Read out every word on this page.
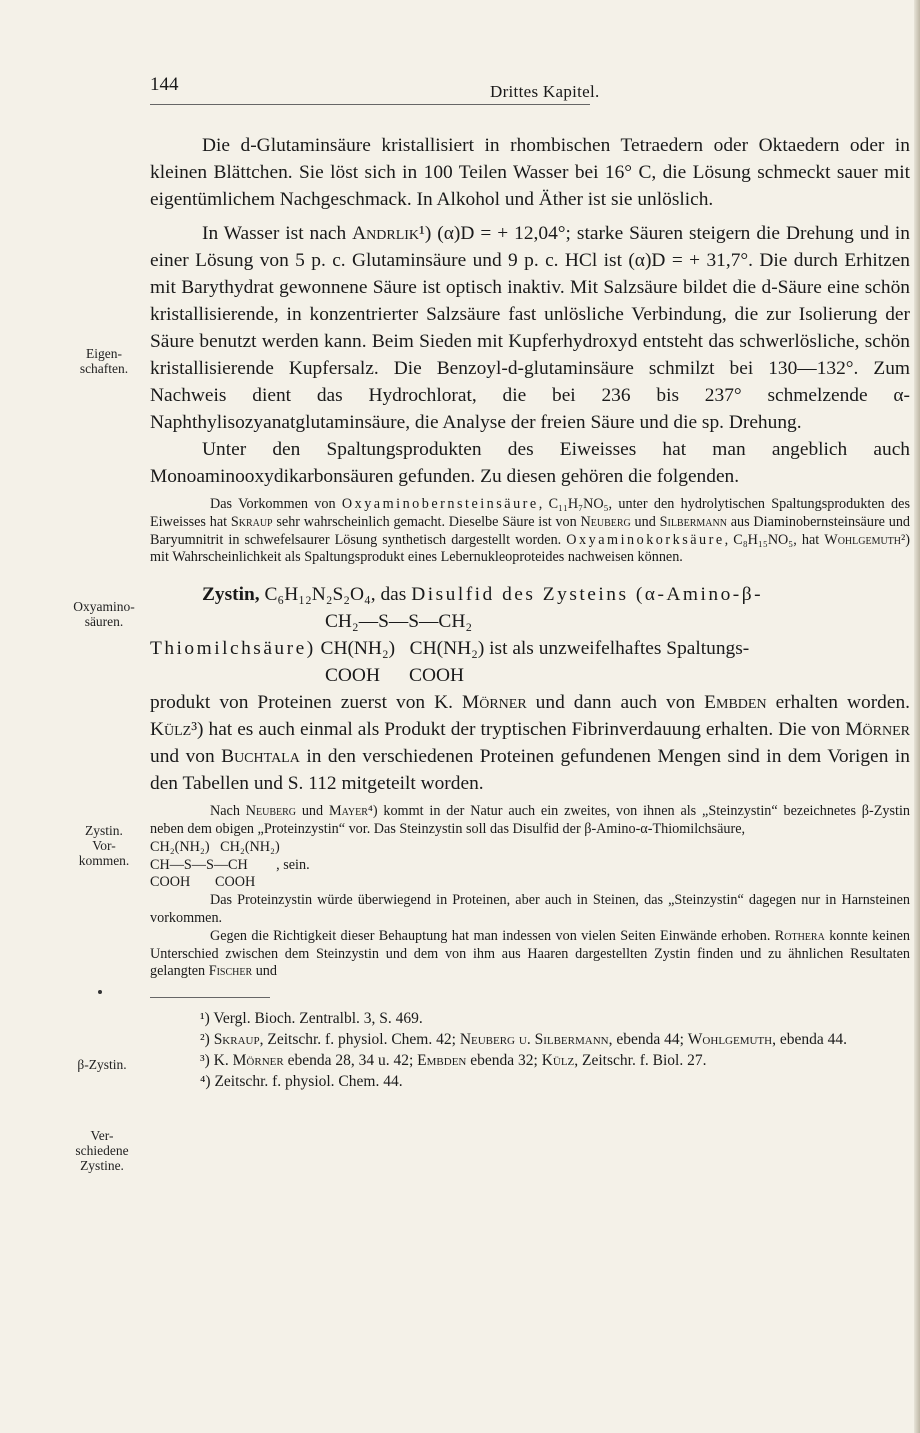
144	Drittes Kapitel.
Eigen-
schaften.
Oxyamino-
säuren.
Zystin.
Vor-
kommen.
β-Zystin.
Ver-
schiedene
Zystine.

Die d-Glutaminsäure kristallisiert in rhombischen Tetraedern oder Oktaedern oder in kleinen Blättchen. Sie löst sich in 100 Teilen Wasser bei 16° C, die Lösung schmeckt sauer mit eigentümlichem Nachgeschmack. In Alkohol und Äther ist sie unlöslich.

In Wasser ist nach Andrlik¹) (α)D = + 12,04°; starke Säuren steigern die Drehung und in einer Lösung von 5 p. c. Glutaminsäure und 9 p. c. HCl ist (α)D = + 31,7°. Die durch Erhitzen mit Barythydrat gewonnene Säure ist optisch inaktiv. Mit Salzsäure bildet die d-Säure eine schön kristallisierende, in konzentrierter Salzsäure fast unlösliche Verbindung, die zur Isolierung der Säure benutzt werden kann. Beim Sieden mit Kupferhydroxyd entsteht das schwerlösliche, schön kristallisierende Kupfersalz. Die Benzoyl-d-glutaminsäure schmilzt bei 130—132°. Zum Nachweis dient das Hydrochlorat, die bei 236 bis 237° schmelzende α-Naphthylisozyanatglutaminsäure, die Analyse der freien Säure und die sp. Drehung.

Unter den Spaltungsprodukten des Eiweisses hat man angeblich auch Monoaminooxydikarbonsäuren gefunden. Zu diesen gehören die folgenden.

Das Vorkommen von Oxyaminobernsteinsäure, C₁₁H₇NO₅, unter den hydrolytischen Spaltungsprodukten des Eiweisses hat Skraup sehr wahrscheinlich gemacht. Dieselbe Säure ist von Neuberg und Silbermann aus Diaminobernsteinsäure und Baryumnitrit in schwefelsaurer Lösung synthetisch dargestellt worden. Oxyaminokorksäure, C₈H₁₅NO₅, hat Wohlgemuth²) mit Wahrscheinlichkeit als Spaltungsprodukt eines Lebernukleoproteides nachweisen können.

Zystin, C₆H₁₂N₂S₂O₄, das Disulfid des Zysteins (α-Amino-β-
CH₂—S—S—CH₂
Thiomilchsäure) CH(NH₂)   CH(NH₂) ist als unzweifelhaftes Spaltungs-
COOH      COOH

produkt von Proteinen zuerst von K. Mörner und dann auch von Embden erhalten worden. Külz³) hat es auch einmal als Produkt der tryptischen Fibrinverdauung erhalten. Die von Mörner und von Buchtala in den verschiedenen Proteinen gefundenen Mengen sind in dem Vorigen in den Tabellen und S. 112 mitgeteilt worden.

Nach Neuberg und Mayer⁴) kommt in der Natur auch ein zweites, von ihnen als „Steinzystin“ bezeichnetes β-Zystin neben dem obigen „Proteinzystin“ vor. Das Steinzystin soll das Disulfid der β-Amino-α-Thiomilchsäure,

CH₂(NH₂)   CH₂(NH₂)
CH—S—S—CH        , sein.
COOH       COOH

Das Proteinzystin würde überwiegend in Proteinen, aber auch in Steinen, das „Steinzystin“ dagegen nur in Harnsteinen vorkommen.

Gegen die Richtigkeit dieser Behauptung hat man indessen von vielen Seiten Einwände erhoben. Rothera konnte keinen Unterschied zwischen dem Steinzystin und dem von ihm aus Haaren dargestellten Zystin finden und zu ähnlichen Resultaten gelangten Fischer und

¹) Vergl. Bioch. Zentralbl. 3, S. 469.

²) Skraup, Zeitschr. f. physiol. Chem. 42; Neuberg u. Silbermann, ebenda 44; Wohlgemuth, ebenda 44.

³) K. Mörner ebenda 28, 34 u. 42; Embden ebenda 32; Külz, Zeitschr. f. Biol. 27.

⁴) Zeitschr. f. physiol. Chem. 44.
